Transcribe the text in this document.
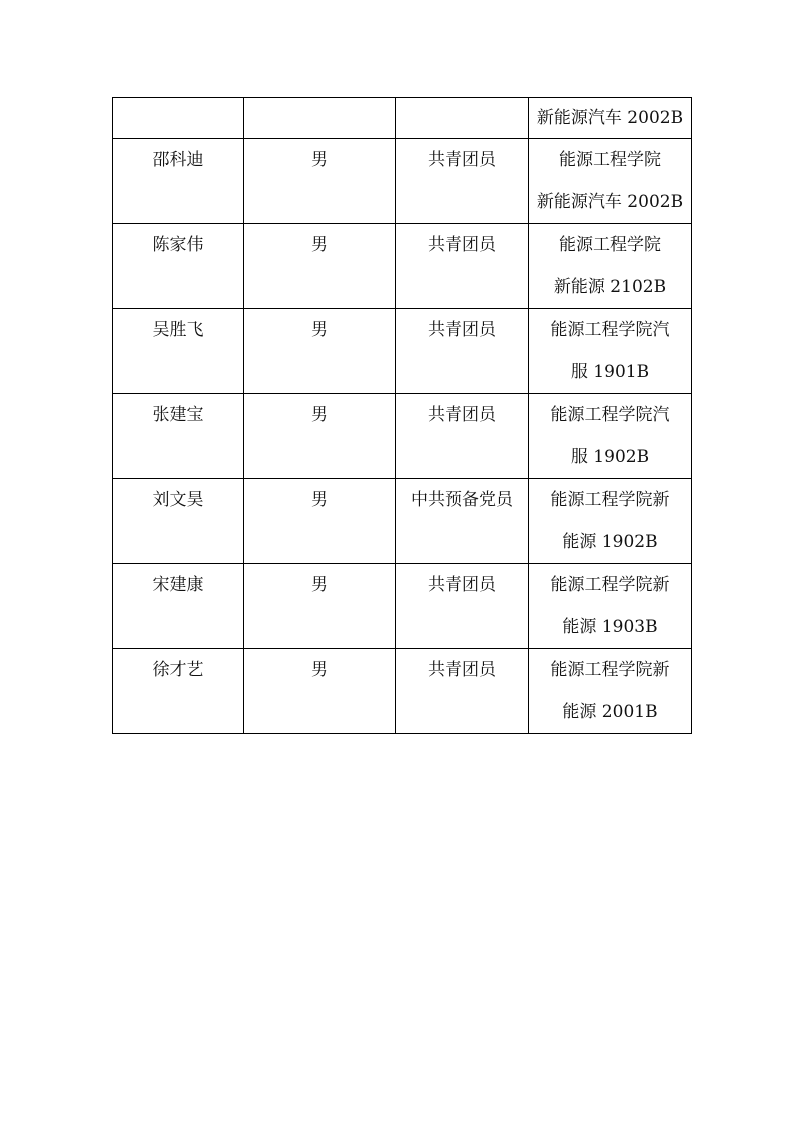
			新能源汽车 2002B

邵科迪	男	共青团员	能源工程学院
新能源汽车 2002B

陈家伟	男	共青团员	能源工程学院
新能源 2102B

吴胜飞	男	共青团员	能源工程学院汽
服 1901B

张建宝	男	共青团员	能源工程学院汽
服 1902B

刘文昊	男	中共预备党员	能源工程学院新
能源 1902B

宋建康	男	共青团员	能源工程学院新
能源 1903B

徐才艺	男	共青团员	能源工程学院新
能源 2001B
